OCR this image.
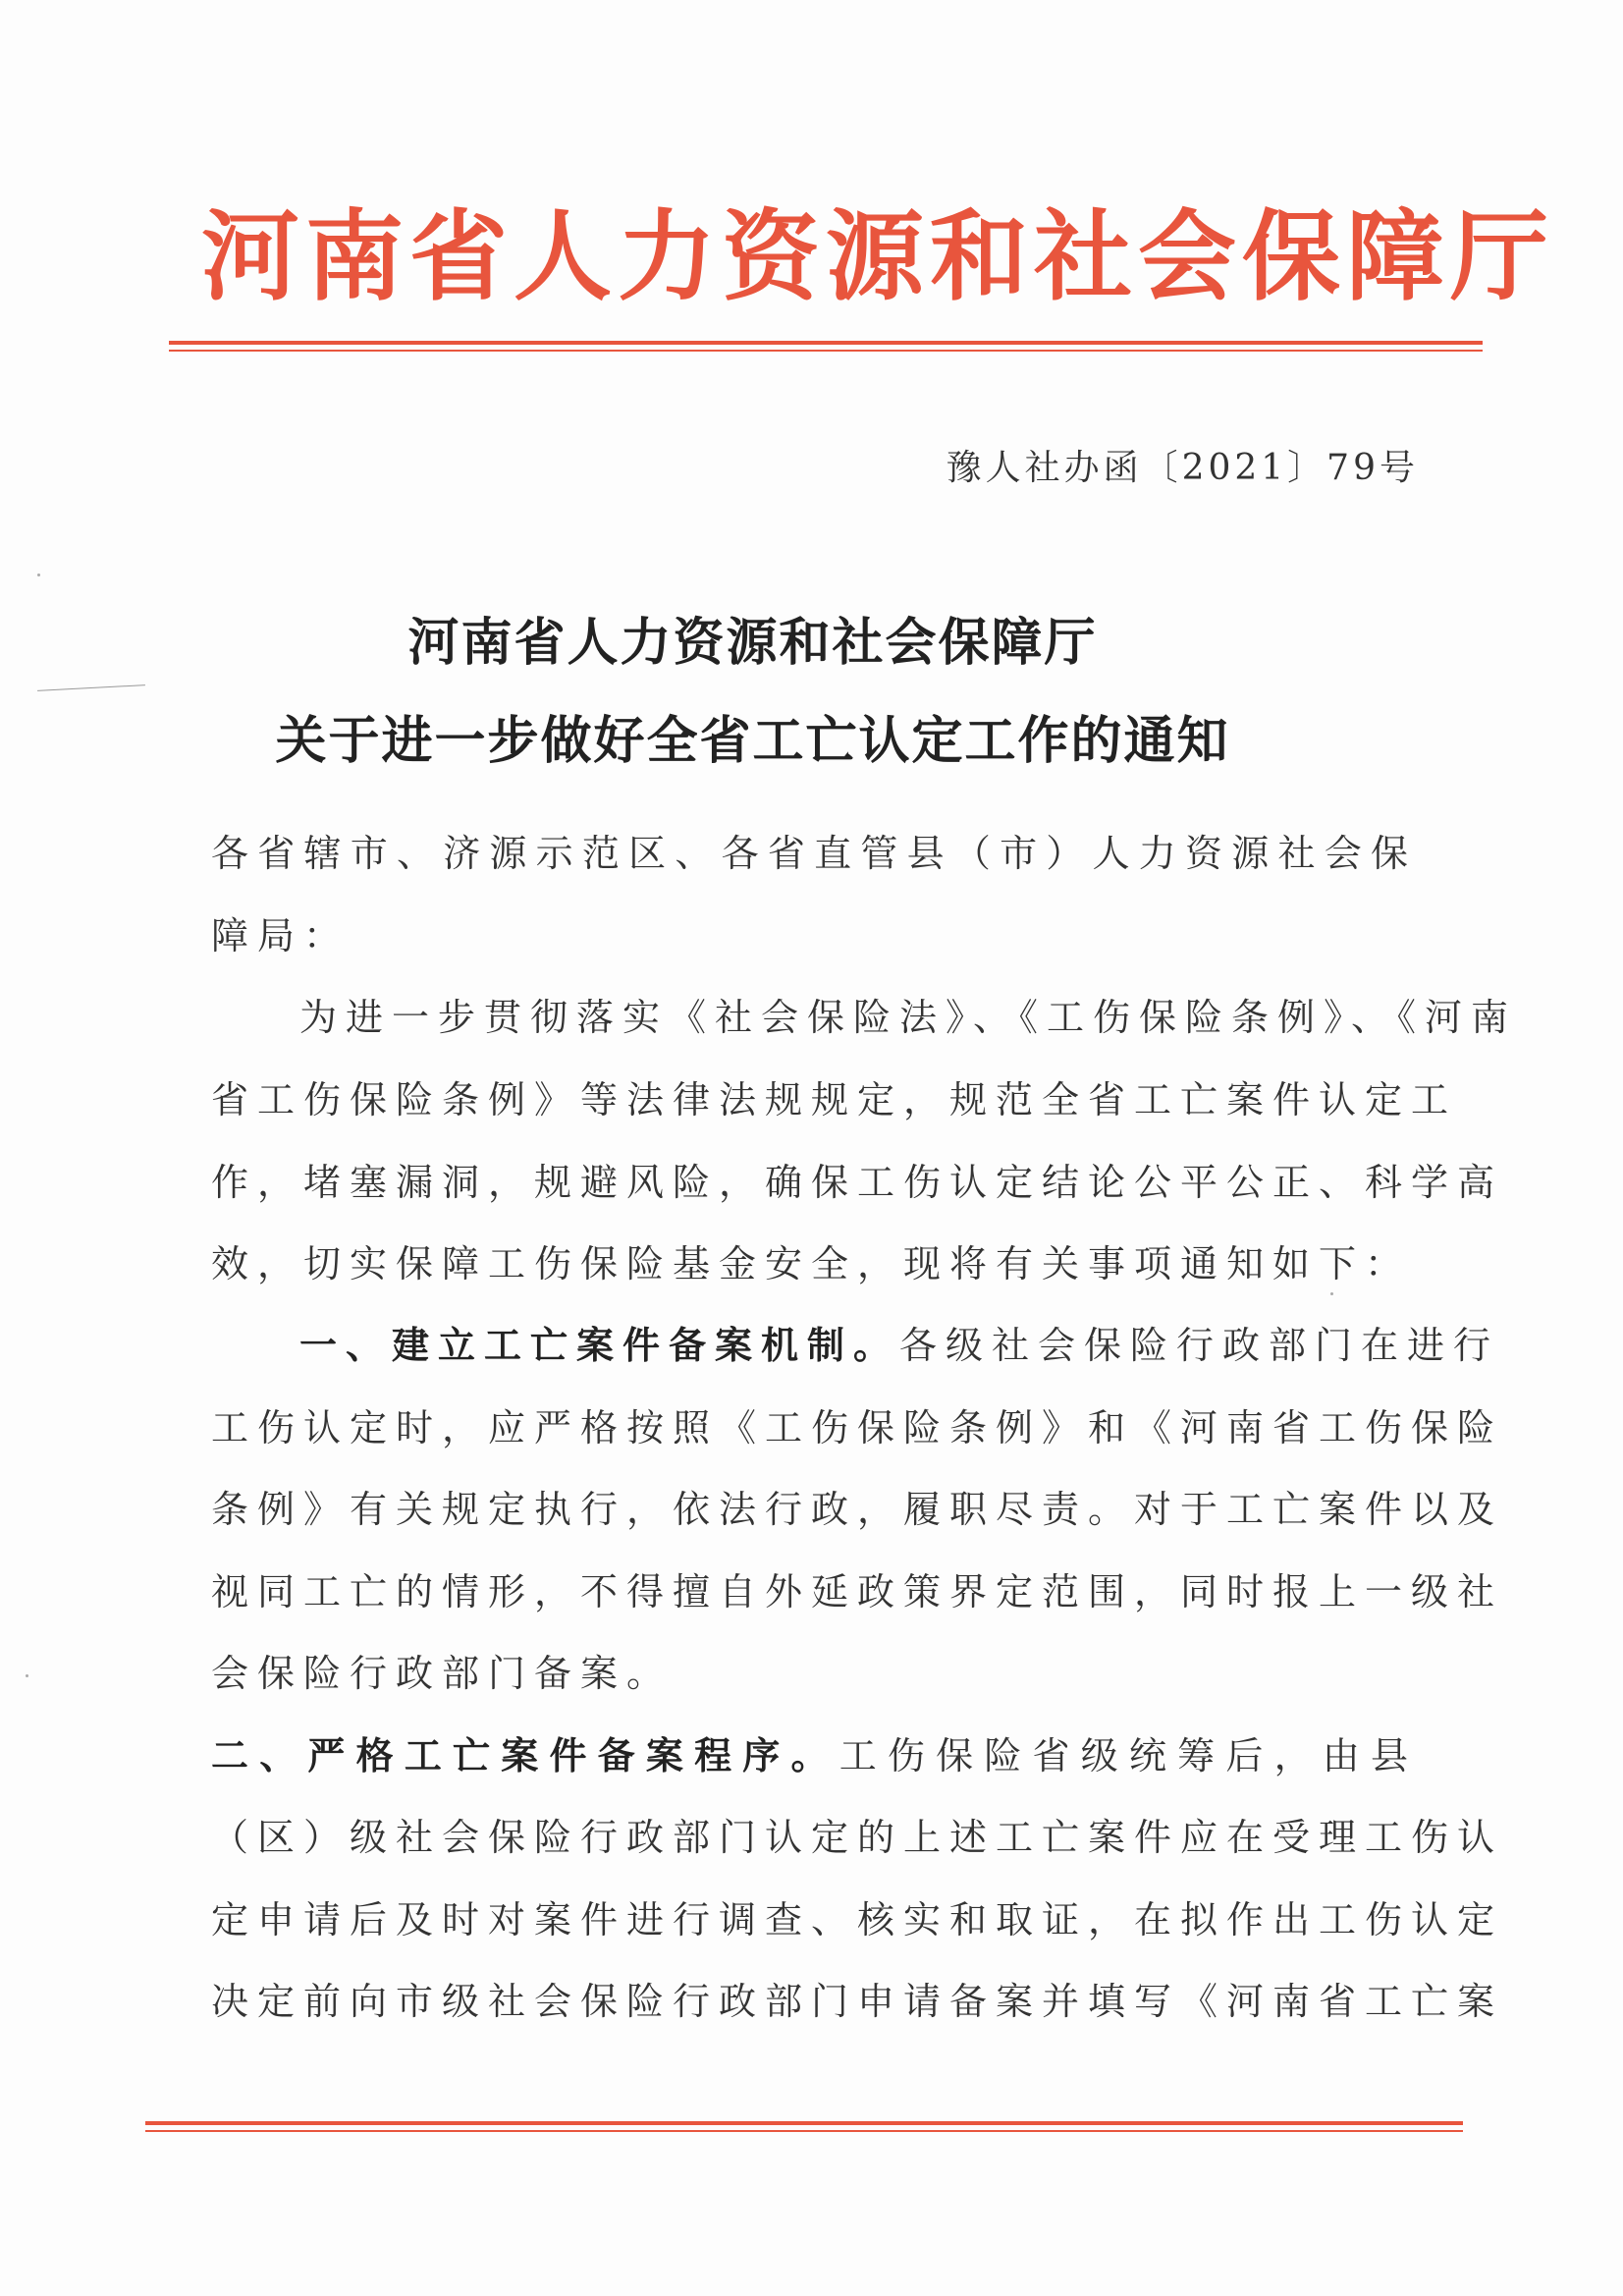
河南省人力资源和社会保障厅
豫人社办函〔2021〕79号
河南省人力资源和社会保障厅
关于进一步做好全省工亡认定工作的通知
各省辖市、济源示范区、各省直管县（市）人力资源社会保
障局：
为进一步贯彻落实《社会保险法》、《工伤保险条例》、《河南
省工伤保险条例》等法律法规规定，规范全省工亡案件认定工
作，堵塞漏洞，规避风险，确保工伤认定结论公平公正、科学高
效，切实保障工伤保险基金安全，现将有关事项通知如下：
一、建立工亡案件备案机制。各级社会保险行政部门在进行
工伤认定时，应严格按照《工伤保险条例》和《河南省工伤保险
条例》有关规定执行，依法行政，履职尽责。对于工亡案件以及
视同工亡的情形，不得擅自外延政策界定范围，同时报上一级社
会保险行政部门备案。
二、严格工亡案件备案程序。工伤保险省级统筹后，由县
（区）级社会保险行政部门认定的上述工亡案件应在受理工伤认
定申请后及时对案件进行调查、核实和取证，在拟作出工伤认定
决定前向市级社会保险行政部门申请备案并填写《河南省工亡案
